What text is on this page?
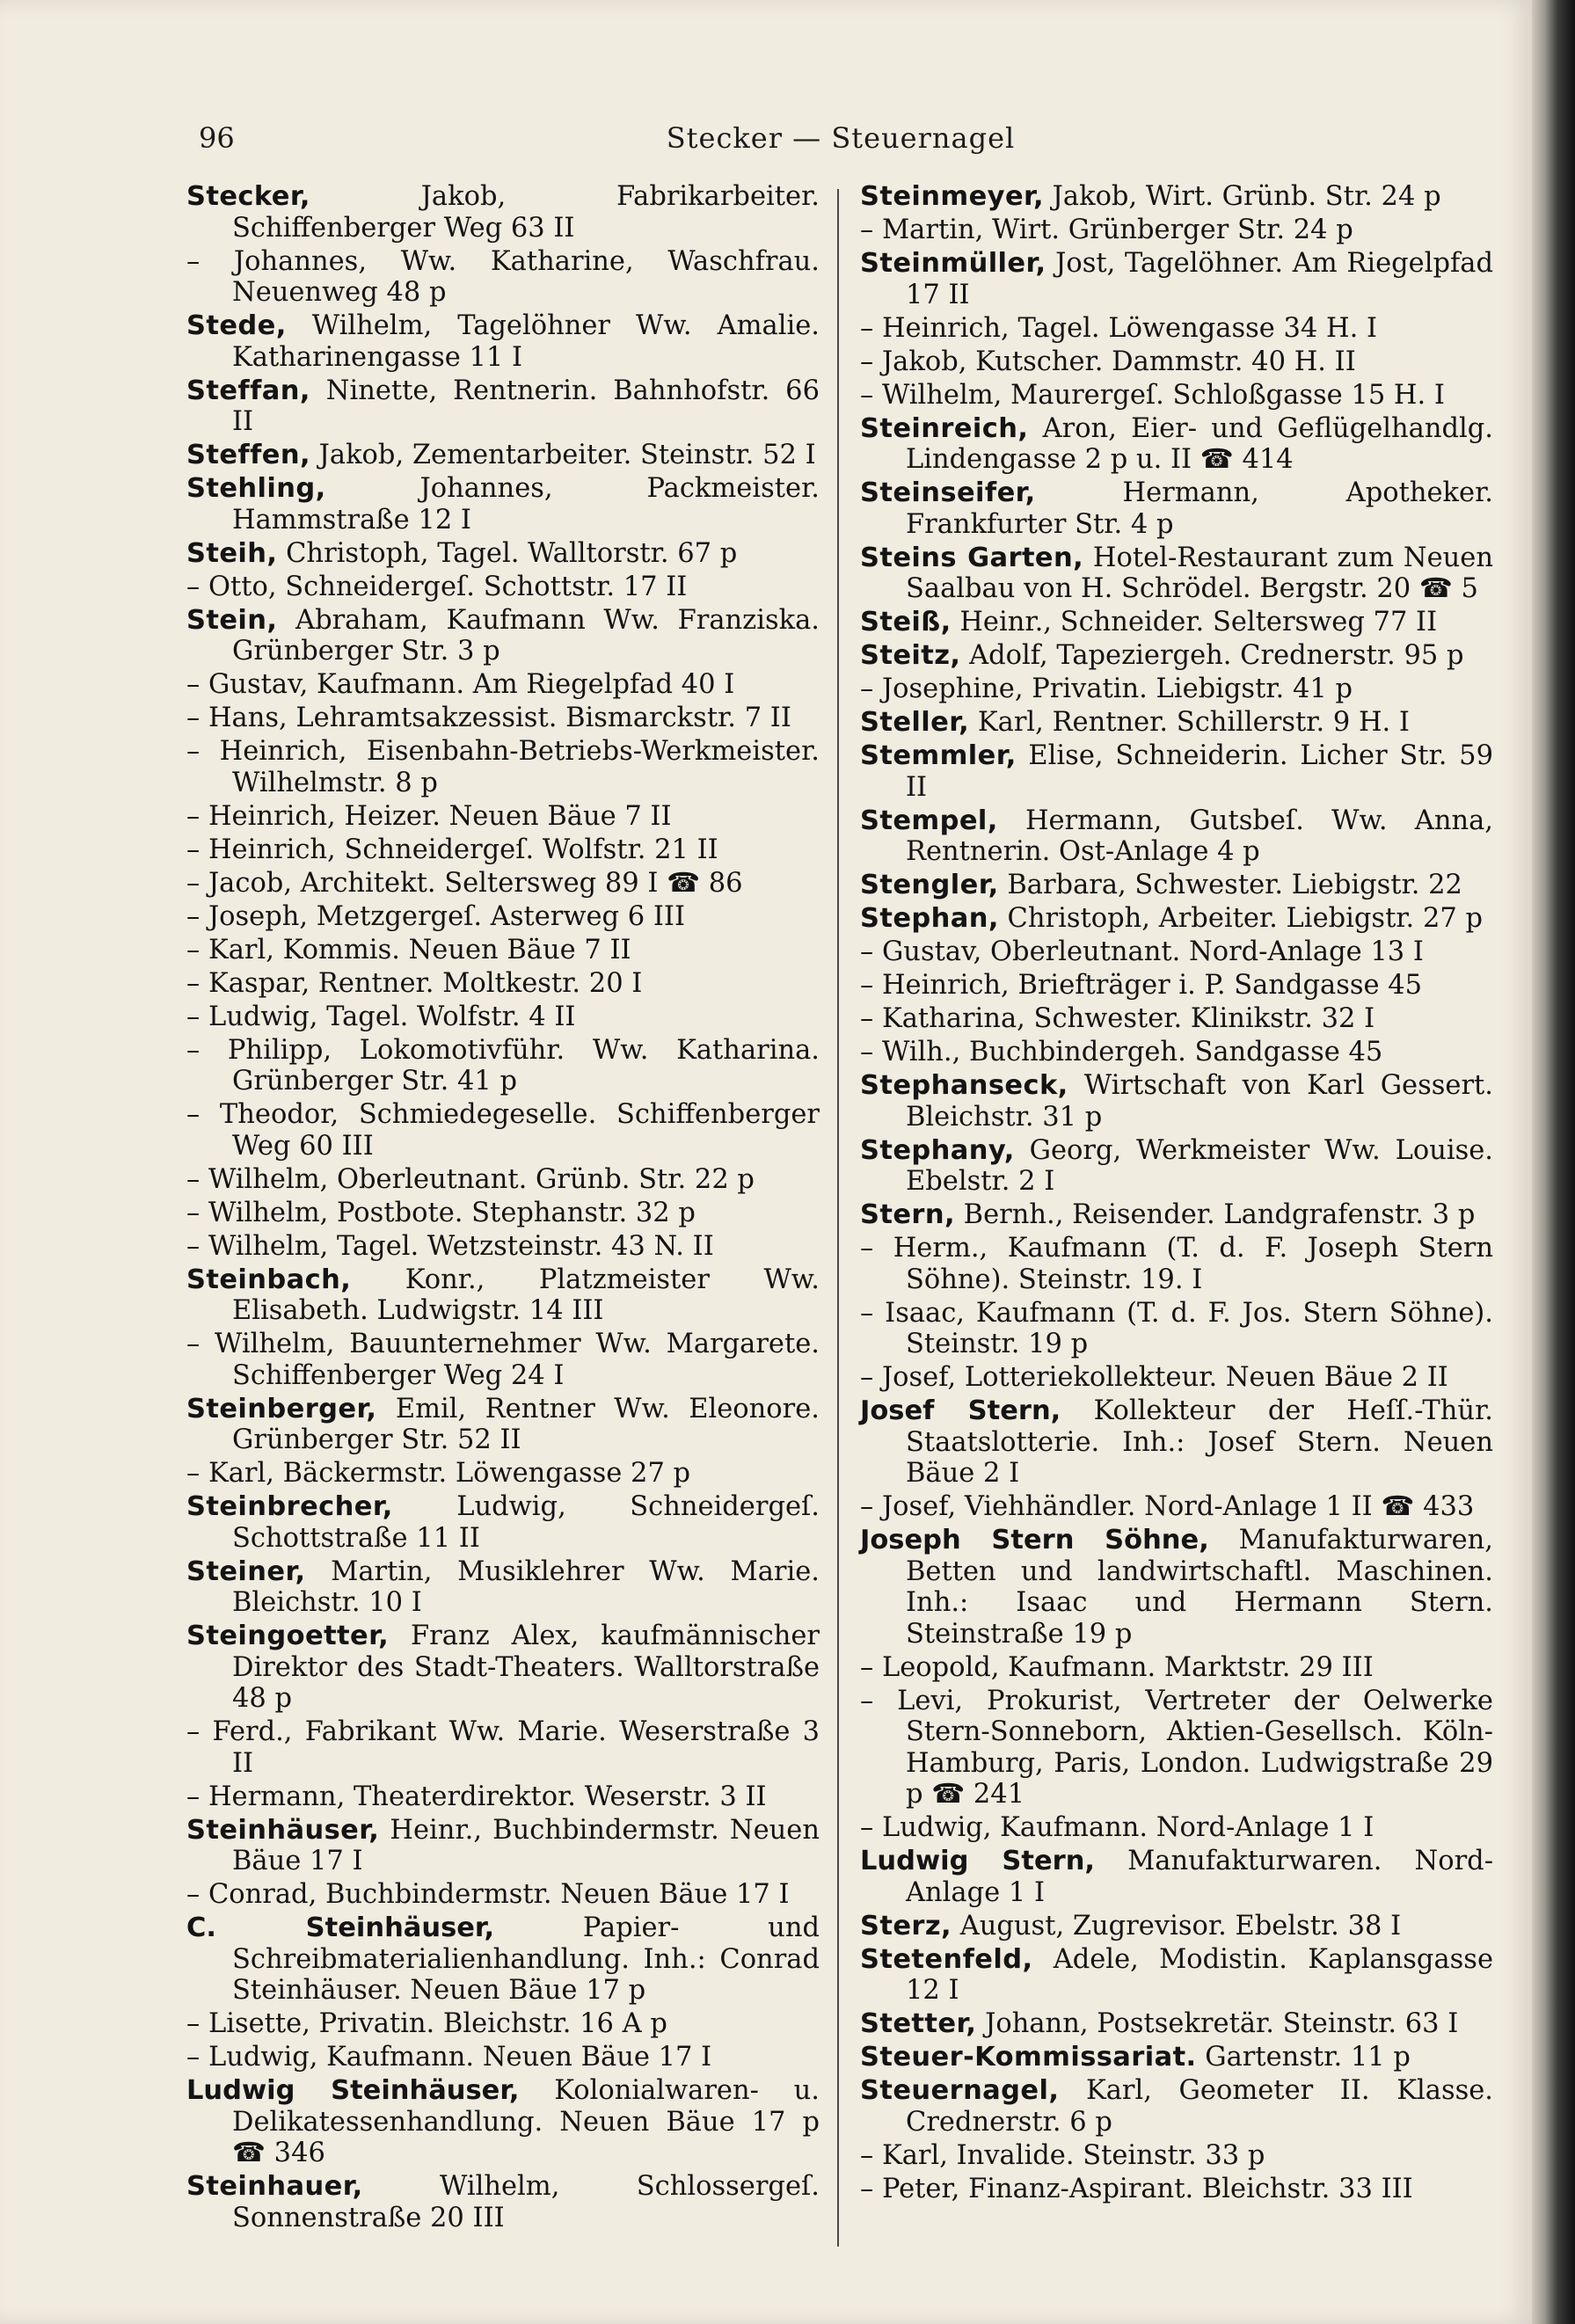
96	Stecker — Steuernagel

Stecker, Jakob, Fabrikarbeiter. Schiffenberger Weg 63 II

– Johannes, Ww. Katharine, Waschfrau. Neuenweg 48 p

Stede, Wilhelm, Tagelöhner Ww. Amalie. Katharinengasse 11 I

Steffan, Ninette, Rentnerin. Bahnhofstr. 66 II

Steffen, Jakob, Zementarbeiter. Steinstr. 52 I

Stehling, Johannes, Packmeister. Hammstraße 12 I

Steih, Christoph, Tagel. Walltorstr. 67 p

– Otto, Schneidergeſ. Schottstr. 17 II

Stein, Abraham, Kaufmann Ww. Franziska. Grünberger Str. 3 p

– Gustav, Kaufmann. Am Riegelpfad 40 I

– Hans, Lehramtsakzessist. Bismarckstr. 7 II

– Heinrich, Eisenbahn-Betriebs-Werkmeister. Wilhelmstr. 8 p

– Heinrich, Heizer. Neuen Bäue 7 II

– Heinrich, Schneidergeſ. Wolfstr. 21 II

– Jacob, Architekt. Seltersweg 89 I ☎ 86

– Joseph, Metzgergeſ. Asterweg 6 III

– Karl, Kommis. Neuen Bäue 7 II

– Kaspar, Rentner. Moltkestr. 20 I

– Ludwig, Tagel. Wolfstr. 4 II

– Philipp, Lokomotivführ. Ww. Katharina. Grünberger Str. 41 p

– Theodor, Schmiedegeselle. Schiffenberger Weg 60 III

– Wilhelm, Oberleutnant. Grünb. Str. 22 p

– Wilhelm, Postbote. Stephanstr. 32 p

– Wilhelm, Tagel. Wetzsteinstr. 43 N. II

Steinbach, Konr., Platzmeister Ww. Elisabeth. Ludwigstr. 14 III

– Wilhelm, Bauunternehmer Ww. Margarete. Schiffenberger Weg 24 I

Steinberger, Emil, Rentner Ww. Eleonore. Grünberger Str. 52 II

– Karl, Bäckermstr. Löwengasse 27 p

Steinbrecher, Ludwig, Schneidergeſ. Schottstraße 11 II

Steiner, Martin, Musiklehrer Ww. Marie. Bleichstr. 10 I

Steingoetter, Franz Alex, kaufmännischer Direktor des Stadt-Theaters. Walltorstraße 48 p

– Ferd., Fabrikant Ww. Marie. Weserstraße 3 II

– Hermann, Theaterdirektor. Weserstr. 3 II

Steinhäuser, Heinr., Buchbindermstr. Neuen Bäue 17 I

– Conrad, Buchbindermstr. Neuen Bäue 17 I

C. Steinhäuser, Papier- und Schreibmaterialienhandlung. Inh.: Conrad Steinhäuser. Neuen Bäue 17 p

– Lisette, Privatin. Bleichstr. 16 A p

– Ludwig, Kaufmann. Neuen Bäue 17 I

Ludwig Steinhäuser, Kolonialwaren- u. Delikatessenhandlung. Neuen Bäue 17 p ☎ 346

Steinhauer, Wilhelm, Schlossergeſ. Sonnenstraße 20 III

Steinmeyer, Jakob, Wirt. Grünb. Str. 24 p

– Martin, Wirt. Grünberger Str. 24 p

Steinmüller, Jost, Tagelöhner. Am Riegelpfad 17 II

– Heinrich, Tagel. Löwengasse 34 H. I

– Jakob, Kutscher. Dammstr. 40 H. II

– Wilhelm, Maurergeſ. Schloßgasse 15 H. I

Steinreich, Aron, Eier- und Geflügelhandlg. Lindengasse 2 p u. II ☎ 414

Steinseifer, Hermann, Apotheker. Frankfurter Str. 4 p

Steins Garten, Hotel-Restaurant zum Neuen Saalbau von H. Schrödel. Bergstr. 20 ☎ 5

Steiß, Heinr., Schneider. Seltersweg 77 II

Steitz, Adolf, Tapeziergeh. Crednerstr. 95 p

– Josephine, Privatin. Liebigstr. 41 p

Steller, Karl, Rentner. Schillerstr. 9 H. I

Stemmler, Elise, Schneiderin. Licher Str. 59 II

Stempel, Hermann, Gutsbeſ. Ww. Anna, Rentnerin. Ost-Anlage 4 p

Stengler, Barbara, Schwester. Liebigstr. 22

Stephan, Christoph, Arbeiter. Liebigstr. 27 p

– Gustav, Oberleutnant. Nord-Anlage 13 I

– Heinrich, Briefträger i. P. Sandgasse 45

– Katharina, Schwester. Klinikstr. 32 I

– Wilh., Buchbindergeh. Sandgasse 45

Stephanseck, Wirtschaft von Karl Gessert. Bleichstr. 31 p

Stephany, Georg, Werkmeister Ww. Louise. Ebelstr. 2 I

Stern, Bernh., Reisender. Landgrafenstr. 3 p

– Herm., Kaufmann (T. d. F. Joseph Stern Söhne). Steinstr. 19. I

– Isaac, Kaufmann (T. d. F. Jos. Stern Söhne). Steinstr. 19 p

– Josef, Lotteriekollekteur. Neuen Bäue 2 II

Josef Stern, Kollekteur der Heſſ.-Thür. Staatslotterie. Inh.: Josef Stern. Neuen Bäue 2 I

– Josef, Viehhändler. Nord-Anlage 1 II ☎ 433

Joseph Stern Söhne, Manufakturwaren, Betten und landwirtschaftl. Maschinen. Inh.: Isaac und Hermann Stern. Steinstraße 19 p

– Leopold, Kaufmann. Marktstr. 29 III

– Levi, Prokurist, Vertreter der Oelwerke Stern-Sonneborn, Aktien-Gesellsch. Köln-Hamburg, Paris, London. Ludwigstraße 29 p ☎ 241

– Ludwig, Kaufmann. Nord-Anlage 1 I

Ludwig Stern, Manufakturwaren. Nord-Anlage 1 I

Sterz, August, Zugrevisor. Ebelstr. 38 I

Stetenfeld, Adele, Modistin. Kaplansgasse 12 I

Stetter, Johann, Postsekretär. Steinstr. 63 I

Steuer-Kommissariat. Gartenstr. 11 p

Steuernagel, Karl, Geometer II. Klasse. Crednerstr. 6 p

– Karl, Invalide. Steinstr. 33 p

– Peter, Finanz-Aspirant. Bleichstr. 33 III
